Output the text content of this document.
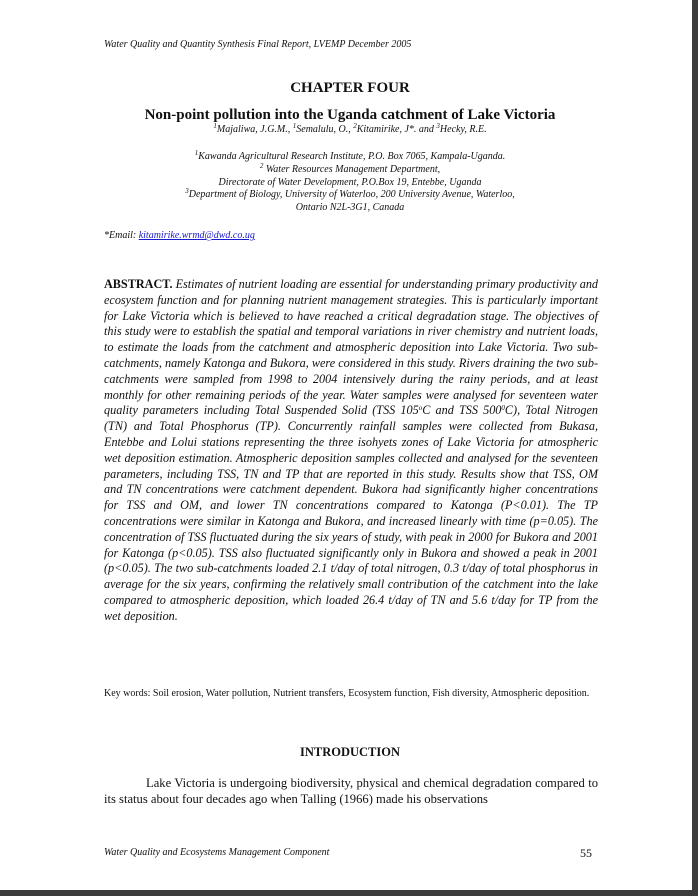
Water Quality and Quantity Synthesis Final Report, LVEMP December 2005
CHAPTER FOUR
Non-point pollution into the Uganda catchment of Lake Victoria
$^1$Majaliwa, J.G.M., $^1$Semalulu, O., $^2$Kitamirike, J*. and $^3$Hecky, R.E.
$^1$Kawanda Agricultural Research Institute, P.O. Box 7065, Kampala-Uganda.
$^2$ Water Resources Management Department,
Directorate of Water Development, P.O.Box 19, Entebbe, Uganda
$^3$Department of Biology, University of Waterloo, 200 University Avenue, Waterloo,
Ontario N2L-3G1, Canada
*Email: kitamirike.wrmd@dwd.co.ug
ABSTRACT. Estimates of nutrient loading are essential for understanding primary productivity and ecosystem function and for planning nutrient management strategies. This is particularly important for Lake Victoria which is believed to have reached a critical degradation stage. The objectives of this study were to establish the spatial and temporal variations in river chemistry and nutrient loads, to estimate the loads from the catchment and atmospheric deposition into Lake Victoria. Two sub-catchments, namely Katonga and Bukora, were considered in this study. Rivers draining the two sub-catchments were sampled from 1998 to 2004 intensively during the rainy periods, and at least monthly for other remaining periods of the year. Water samples were analysed for seventeen water quality parameters including Total Suspended Solid (TSS 105$^o$C and TSS $500^0C$), Total Nitrogen (TN) and Total Phosphorus (TP). Concurrently rainfall samples were collected from Bukasa, Entebbe and Lolui stations representing the three isohyets zones of Lake Victoria for atmospheric wet deposition estimation. Atmospheric deposition samples collected and analysed for the seventeen parameters, including TSS, TN and TP that are reported in this study. Results show that TSS, OM and TN concentrations were catchment dependent. Bukora had significantly higher concentrations for TSS and OM, and lower TN concentrations compared to Katonga (P<0.01). The TP concentrations were similar in Katonga and Bukora, and increased linearly with time (p=0.05). The concentration of TSS fluctuated during the six years of study, with peak in 2000 for Bukora and 2001 for Katonga (p<0.05). TSS also fluctuated significantly only in Bukora and showed a peak in 2001 (p<0.05). The two sub-catchments loaded 2.1 t/day of total nitrogen, 0.3 t/day of total phosphorus in average for the six years, confirming the relatively small contribution of the catchment into the lake compared to atmospheric deposition, which loaded 26.4 t/day of TN and 5.6 t/day for TP from the wet deposition.
Key words: Soil erosion, Water pollution, Nutrient transfers, Ecosystem function, Fish diversity, Atmospheric deposition.
INTRODUCTION
Lake Victoria is undergoing biodiversity, physical and chemical degradation compared to its status about four decades ago when Talling (1966) made his observations
Water Quality and Ecosystems Management Component	55
